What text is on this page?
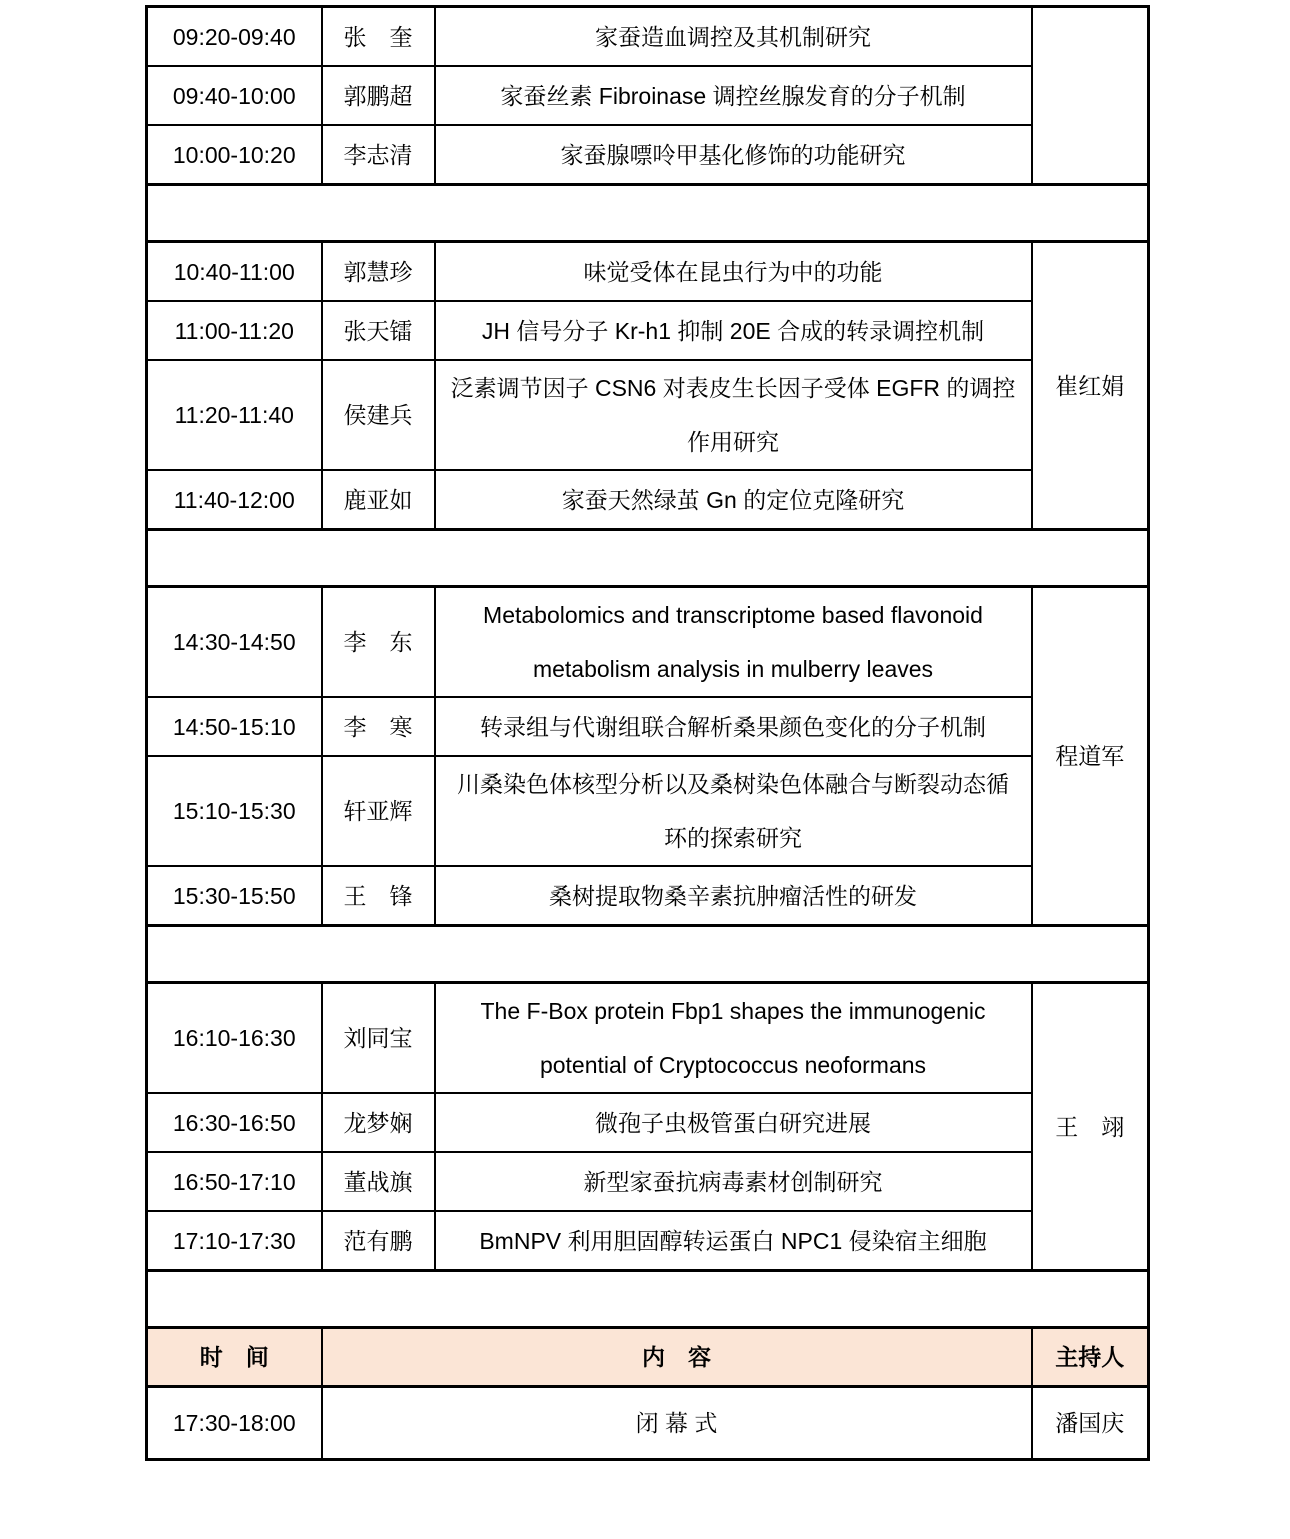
09:20-09:40	张　奎	家蚕造血调控及其机制研究	
09:40-10:00	郭鹏超	家蚕丝素 Fibroinase 调控丝腺发育的分子机制	
10:00-10:20	李志清	家蚕腺嘌呤甲基化修饰的功能研究	

10:40-11:00	郭慧珍	味觉受体在昆虫行为中的功能	崔红娟
11:00-11:20	张天镭	JH 信号分子 Kr-h1 抑制 20E 合成的转录调控机制	
11:20-11:40	侯建兵	泛素调节因子 CSN6 对表皮生长因子受体 EGFR 的调控
作用研究	
11:40-12:00	鹿亚如	家蚕天然绿茧 Gn 的定位克隆研究	

14:30-14:50	李　东	Metabolomics and transcriptome based flavonoid
metabolism analysis in mulberry leaves	程道军
14:50-15:10	李　寒	转录组与代谢组联合解析桑果颜色变化的分子机制	
15:10-15:30	轩亚辉	川桑染色体核型分析以及桑树染色体融合与断裂动态循
环的探索研究	
15:30-15:50	王　锋	桑树提取物桑辛素抗肿瘤活性的研发	

16:10-16:30	刘同宝	The F-Box protein Fbp1 shapes the immunogenic
potential of Cryptococcus neoformans	王　翊
16:30-16:50	龙梦娴	微孢子虫极管蛋白研究进展	
16:50-17:10	董战旗	新型家蚕抗病毒素材创制研究	
17:10-17:30	范有鹏	BmNPV 利用胆固醇转运蛋白 NPC1 侵染宿主细胞	

时　间	内　容		主持人
17:30-18:00	闭 幕 式		潘国庆
